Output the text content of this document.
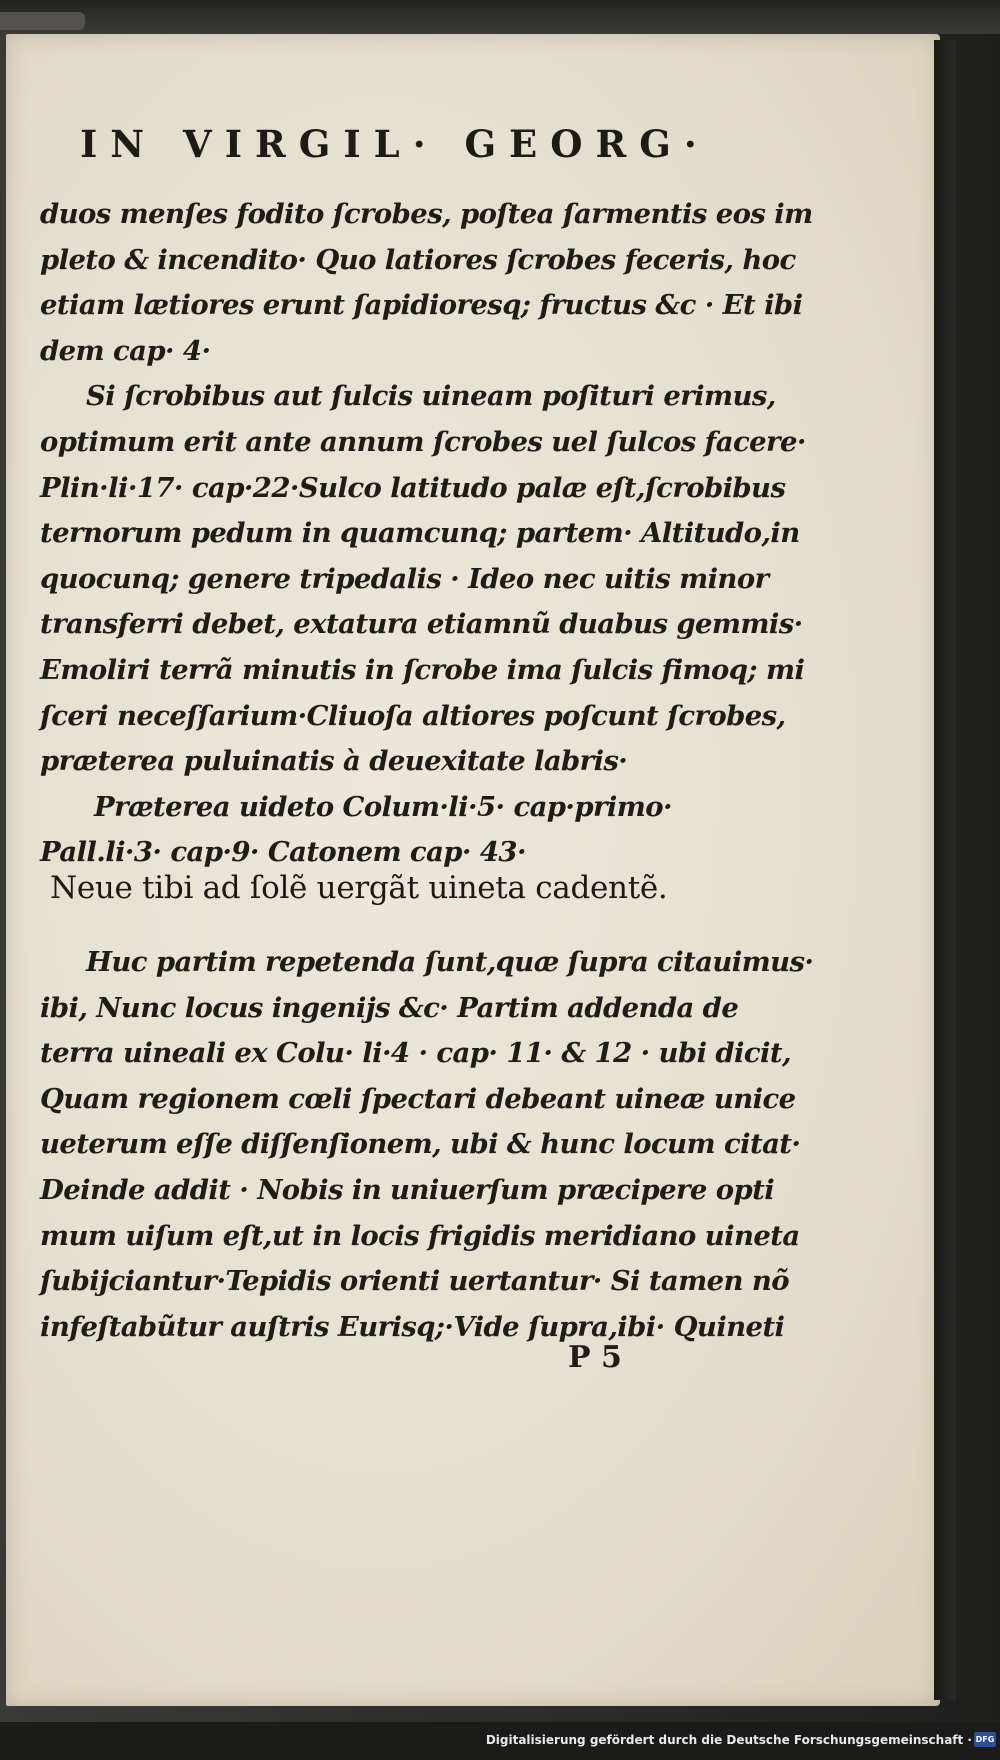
IN VIRGIL· GEORG·
duos menſes fodito ſcrobes, poſtea ſarmentis eos im
pleto & incendito· Quo latiores ſcrobes feceris, hoc
etiam lætiores erunt ſapidioresq; fructus &c · Et ibi
dem cap· 4·
Si ſcrobibus aut ſulcis uineam poſituri erimus,
optimum erit ante annum ſcrobes uel ſulcos facere·
Plin·li·17· cap·22·Sulco latitudo palæ eſt,ſcrobibus
ternorum pedum in quamcunq; partem· Altitudo,in
quocunq; genere tripedalis · Ideo nec uitis minor
transferri debet, extatura etiamnũ duabus gemmis·
Emoliri terrã minutis in ſcrobe ima ſulcis fimoq; mi
ſceri neceſſarium·Cliuoſa altiores poſcunt ſcrobes,
præterea puluinatis à deuexitate labris·
Præterea uideto Colum·li·5· cap·primo·
Pall.li·3· cap·9· Catonem cap· 43·
Neue tibi ad ſolẽ uergãt uineta cadentẽ.
Huc partim repetenda ſunt,quæ ſupra citauimus·
ibi, Nunc locus ingenijs &c· Partim addenda de
terra uineali ex Colu· li·4 · cap· 11· & 12 · ubi dicit,
Quam regionem cœli ſpectari debeant uineæ unice
ueterum eſſe diſſenſionem, ubi & hunc locum citat·
Deinde addit · Nobis in uniuerſum præcipere opti
mum uiſum eſt,ut in locis frigidis meridiano uineta
ſubijciantur·Tepidis orienti uertantur· Si tamen nõ
infeſtabũtur auſtris Eurisq;·Vide ſupra,ibi· Quineti
P 5
Digitalisierung gefördert durch die Deutsche Forschungsgemeinschaft · DFG
